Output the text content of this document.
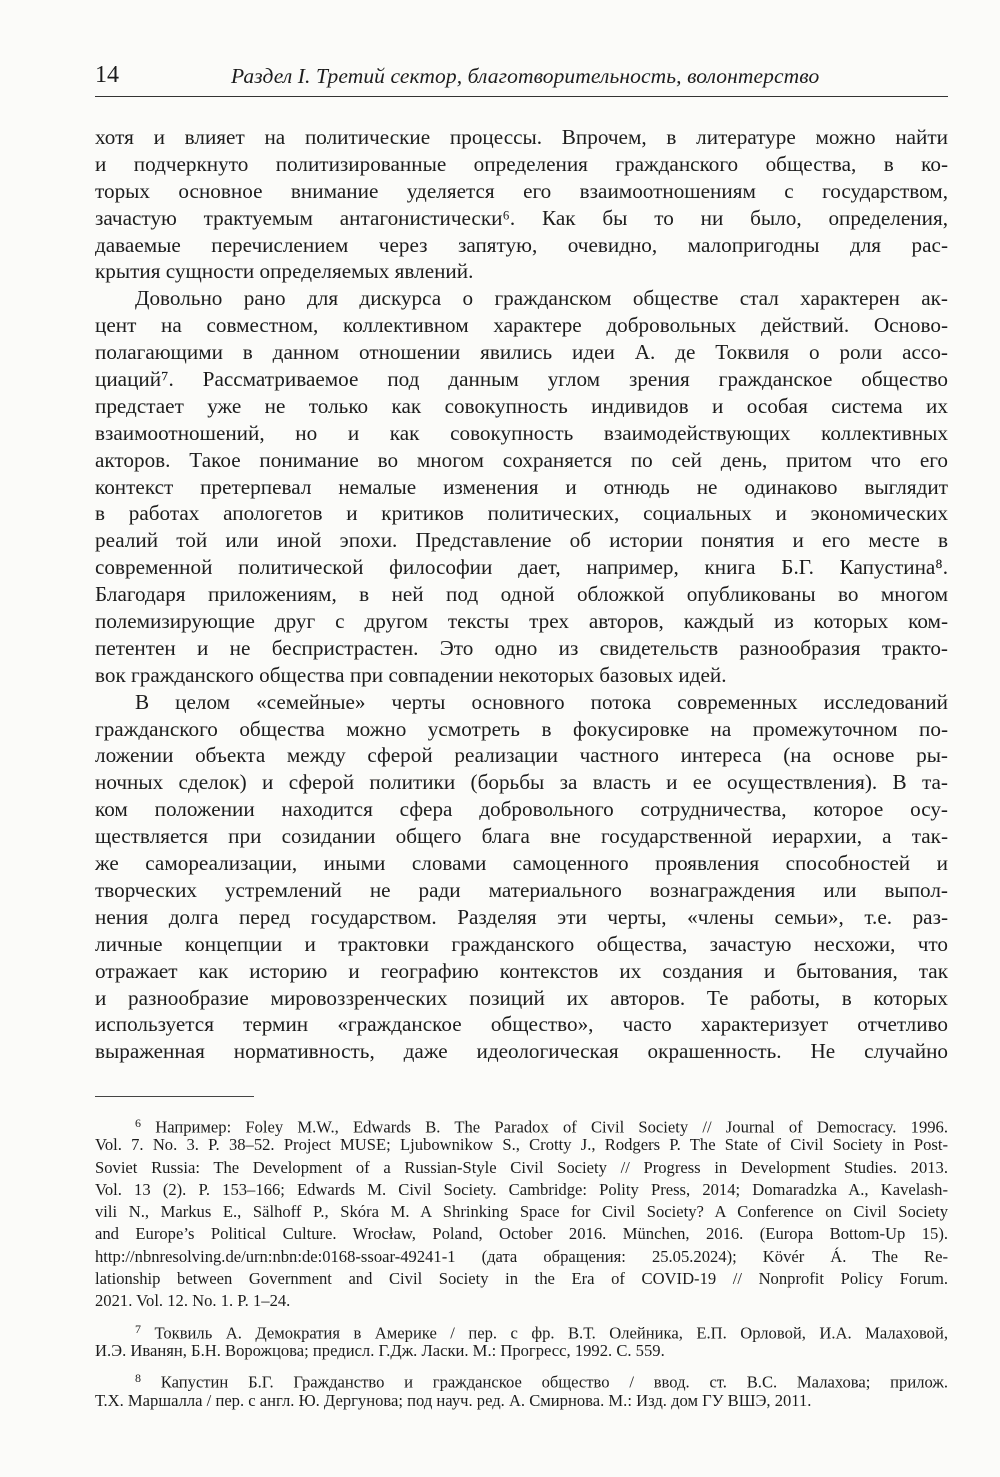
14	Раздел I. Третий сектор, благотворительность, волонтерство
хотя и влияет на политические процессы. Впрочем, в литературе можно найти
и подчеркнуто политизированные определения гражданского общества, в ко-
торых основное внимание уделяется его взаимоотношениям с государством,
зачастую трактуемым антагонистически⁶. Как бы то ни было, определения,
даваемые перечислением через запятую, очевидно, малопригодны для рас-
крытия сущности определяемых явлений.
Довольно рано для дискурса о гражданском обществе стал характерен ак-
цент на совместном, коллективном характере добровольных действий. Осново-
полагающими в данном отношении явились идеи А. де Токвиля о роли ассо-
циаций⁷. Рассматриваемое под данным углом зрения гражданское общество
предстает уже не только как совокупность индивидов и особая система их
взаимоотношений, но и как совокупность взаимодействующих коллективных
акторов. Такое понимание во многом сохраняется по сей день, притом что его
контекст претерпевал немалые изменения и отнюдь не одинаково выглядит
в работах апологетов и критиков политических, социальных и экономических
реалий той или иной эпохи. Представление об истории понятия и его месте в
современной политической философии дает, например, книга Б.Г. Капустина⁸.
Благодаря приложениям, в ней под одной обложкой опубликованы во многом
полемизирующие друг с другом тексты трех авторов, каждый из которых ком-
петентен и не беспристрастен. Это одно из свидетельств разнообразия тракто-
вок гражданского общества при совпадении некоторых базовых идей.
В целом «семейные» черты основного потока современных исследований
гражданского общества можно усмотреть в фокусировке на промежуточном по-
ложении объекта между сферой реализации частного интереса (на основе ры-
ночных сделок) и сферой политики (борьбы за власть и ее осуществления). В та-
ком положении находится сфера добровольного сотрудничества, которое осу-
ществляется при созидании общего блага вне государственной иерархии, а так-
же самореализации, иными словами самоценного проявления способностей и
творческих устремлений не ради материального вознаграждения или выпол-
нения долга перед государством. Разделяя эти черты, «члены семьи», т.е. раз-
личные концепции и трактовки гражданского общества, зачастую несхожи, что
отражает как историю и географию контекстов их создания и бытования, так
и разнообразие мировоззренческих позиций их авторов. Те работы, в которых
используется термин «гражданское общество», часто характеризует отчетливо
выраженная нормативность, даже идеологическая окрашенность. Не случайно
$^6$ Например: Foley M.W., Edwards B. The Paradox of Civil Society // Journal of Democracy. 1996.
Vol. 7. No. 3. P. 38–52. Project MUSE; Ljubownikow S., Crotty J., Rodgers P. The State of Civil Society in Post-
Soviet Russia: The Development of a Russian-Style Civil Society // Progress in Development Studies. 2013.
Vol. 13 (2). P. 153–166; Edwards M. Civil Society. Cambridge: Polity Press, 2014; Domaradzka A., Kavelash-
vili N., Markus E., Sälhoff P., Skóra M. A Shrinking Space for Civil Society? A Conference on Civil Society
and Europe’s Political Culture. Wrocław, Poland, October 2016. München, 2016. (Europa Bottom-Up 15).
http://nbnresolving.de/urn:nbn:de:0168-ssoar-49241-1 (дата обращения: 25.05.2024); Kövér Á. The Re-
lationship between Government and Civil Society in the Era of COVID-19 // Nonprofit Policy Forum.
2021. Vol. 12. No. 1. P. 1–24.
$^7$ Токвиль А. Демократия в Америке / пер. с фр. В.Т. Олейника, Е.П. Орловой, И.А. Малаховой,
И.Э. Иванян, Б.Н. Ворожцова; предисл. Г.Дж. Ласки. М.: Прогресс, 1992. С. 559.
$^8$ Капустин Б.Г. Гражданство и гражданское общество / ввод. ст. В.С. Малахова; прилож.
Т.Х. Маршалла / пер. с англ. Ю. Дергунова; под науч. ред. А. Смирнова. М.: Изд. дом ГУ ВШЭ, 2011.
